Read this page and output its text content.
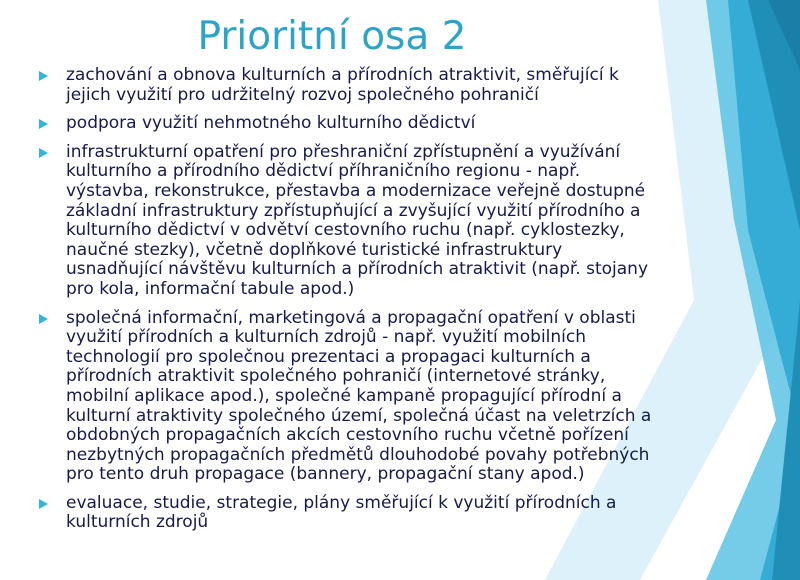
Prioritní osa 2
zachování a obnova kulturních a přírodních atraktivit, směřující k jejich využití pro udržitelný rozvoj společného pohraničí
podpora využití nehmotného kulturního dědictví
infrastrukturní opatření pro přeshraniční zpřístupnění a využívání kulturního a přírodního dědictví příhraničního regionu - např. výstavba, rekonstrukce, přestavba a modernizace veřejně dostupné základní infrastruktury zpřístupňující a zvyšující využití přírodního a kulturního dědictví v odvětví cestovního ruchu (např. cyklostezky, naučné stezky), včetně doplňkové turistické infrastruktury usnadňující návštěvu kulturních a přírodních atraktivit (např. stojany pro kola, informační tabule apod.)
společná informační, marketingová a propagační opatření v oblasti využití přírodních a kulturních zdrojů - např. využití mobilních technologií pro společnou prezentaci a propagaci kulturních a přírodních atraktivit společného pohraničí (internetové stránky, mobilní aplikace apod.), společné kampaně propagující přírodní a kulturní atraktivity společného území, společná účast na veletrzích a obdobných propagačních akcích cestovního ruchu včetně pořízení nezbytných propagačních předmětů dlouhodobé povahy potřebných pro tento druh propagace (bannery, propagační stany apod.)
evaluace, studie, strategie, plány směřující k využití přírodních a kulturních zdrojů
